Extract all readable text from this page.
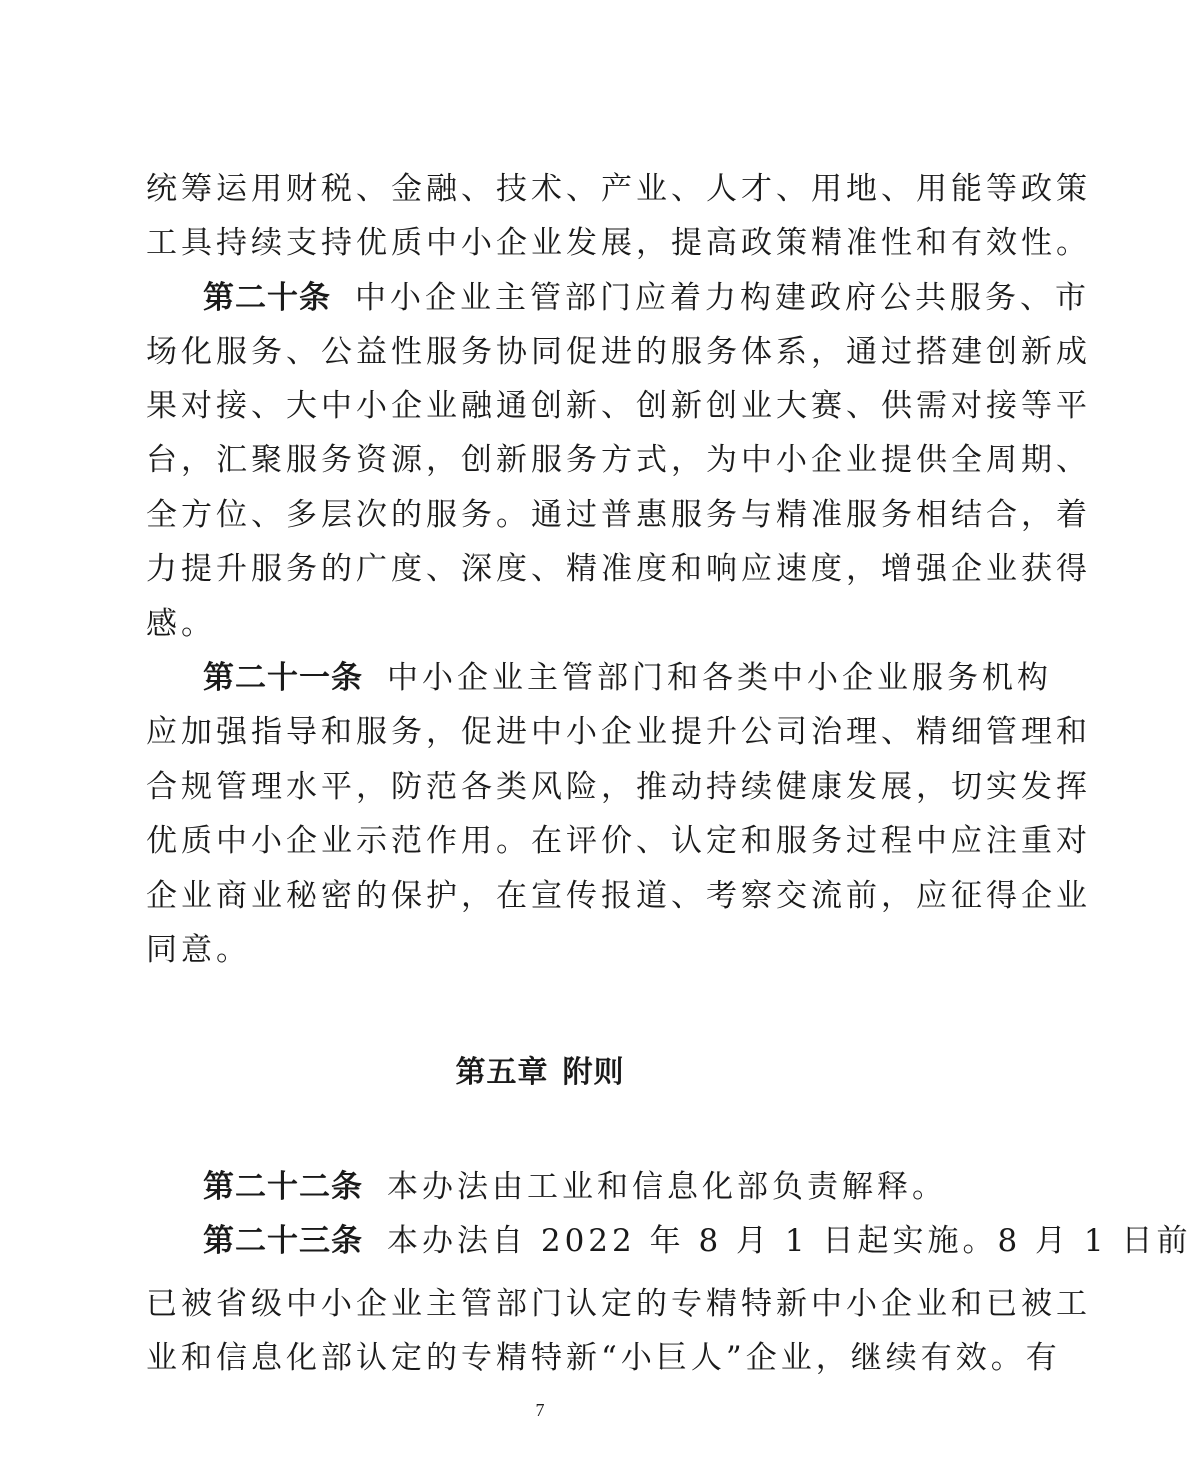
统筹运用财税、金融、技术、产业、人才、用地、用能等政策
工具持续支持优质中小企业发展，提高政策精准性和有效性。
第二十条 中小企业主管部门应着力构建政府公共服务、市
场化服务、公益性服务协同促进的服务体系，通过搭建创新成
果对接、大中小企业融通创新、创新创业大赛、供需对接等平
台，汇聚服务资源，创新服务方式，为中小企业提供全周期、
全方位、多层次的服务。通过普惠服务与精准服务相结合，着
力提升服务的广度、深度、精准度和响应速度，增强企业获得
感。
第二十一条 中小企业主管部门和各类中小企业服务机构
应加强指导和服务，促进中小企业提升公司治理、精细管理和
合规管理水平，防范各类风险，推动持续健康发展，切实发挥
优质中小企业示范作用。在评价、认定和服务过程中应注重对
企业商业秘密的保护，在宣传报道、考察交流前，应征得企业
同意。
第五章 附则
第二十二条 本办法由工业和信息化部负责解释。
第二十三条 本办法自 2022 年 8 月 1 日起实施。8 月 1 日前
已被省级中小企业主管部门认定的专精特新中小企业和已被工
业和信息化部认定的专精特新“小巨人”企业，继续有效。有
7
